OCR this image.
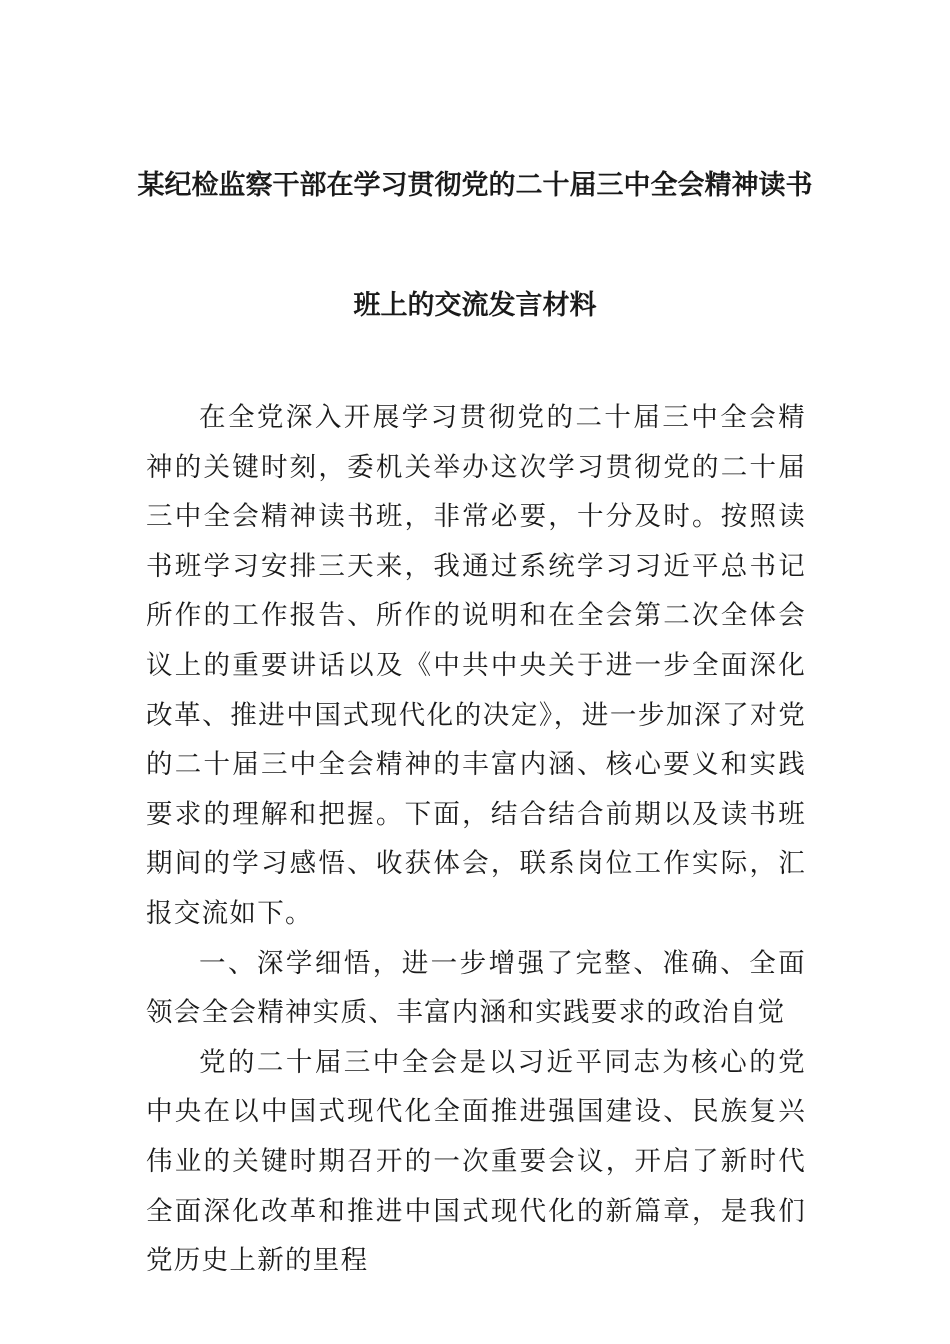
某纪检监察干部在学习贯彻党的二十届三中全会精神读书
班上的交流发言材料

在全党深入开展学习贯彻党的二十届三中全会精神的关键时刻，委机关举办这次学习贯彻党的二十届三中全会精神读书班，非常必要，十分及时。按照读书班学习安排三天来，我通过系统学习习近平总书记所作的工作报告、所作的说明和在全会第二次全体会议上的重要讲话以及《中共中央关于进一步全面深化改革、推进中国式现代化的决定》，进一步加深了对党的二十届三中全会精神的丰富内涵、核心要义和实践要求的理解和把握。下面，结合结合前期以及读书班期间的学习感悟、收获体会，联系岗位工作实际，汇报交流如下。

一、深学细悟，进一步增强了完整、准确、全面领会全会精神实质、丰富内涵和实践要求的政治自觉

党的二十届三中全会是以习近平同志为核心的党中央在以中国式现代化全面推进强国建设、民族复兴伟业的关键时期召开的一次重要会议，开启了新时代全面深化改革和推进中国式现代化的新篇章，是我们党历史上新的里程
